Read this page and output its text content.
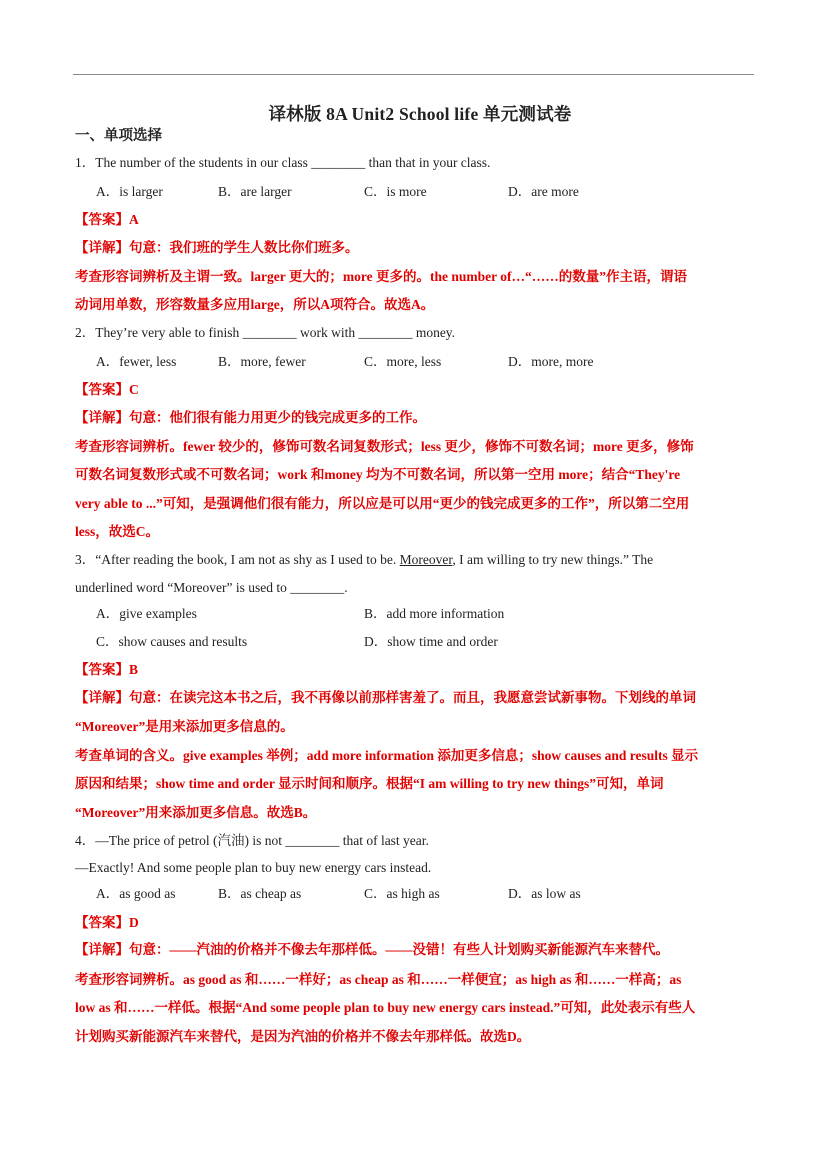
译林版 8A Unit2 School life 单元测试卷
一、单项选择
1．The number of the students in our class ________ than that in your class.
A．is larger	B．are larger	C．is more	D．are more
【答案】A
【详解】句意：我们班的学生人数比你们班多。
考查形容词辨析及主谓一致。larger 更大的；more 更多的。the number of…“……的数量”作主语，谓语
动词用单数，形容数量多应用large，所以A项符合。故选A。
2．They’re very able to finish ________ work with ________ money.
A．fewer, less	B．more, fewer	C．more, less	D．more, more
【答案】C
【详解】句意：他们很有能力用更少的钱完成更多的工作。
考查形容词辨析。fewer 较少的，修饰可数名词复数形式；less 更少，修饰不可数名词；more 更多，修饰
可数名词复数形式或不可数名词；work 和money 均为不可数名词，所以第一空用 more；结合“They're
very able to ...”可知，是强调他们很有能力，所以应是可以用“更少的钱完成更多的工作”，所以第二空用
less，故选C。
3．“After reading the book, I am not as shy as I used to be. Moreover, I am willing to try new things.” The
underlined word “Moreover” is used to ________.
A．give examples	B．add more information
C．show causes and results	D．show time and order
【答案】B
【详解】句意：在读完这本书之后，我不再像以前那样害羞了。而且，我愿意尝试新事物。下划线的单词
“Moreover”是用来添加更多信息的。
考查单词的含义。give examples 举例；add more information 添加更多信息；show causes and results 显示
原因和结果；show time and order 显示时间和顺序。根据“I am willing to try new things”可知，单词
“Moreover”用来添加更多信息。故选B。
4．—The price of petrol (汽油) is not ________ that of last year.
—Exactly! And some people plan to buy new energy cars instead.
A．as good as	B．as cheap as	C．as high as	D．as low as
【答案】D
【详解】句意：——汽油的价格并不像去年那样低。——没错！有些人计划购买新能源汽车来替代。
考查形容词辨析。as good as 和……一样好；as cheap as 和……一样便宜；as high as 和……一样高；as
low as 和……一样低。根据“And some people plan to buy new energy cars instead.”可知，此处表示有些人
计划购买新能源汽车来替代，是因为汽油的价格并不像去年那样低。故选D。
